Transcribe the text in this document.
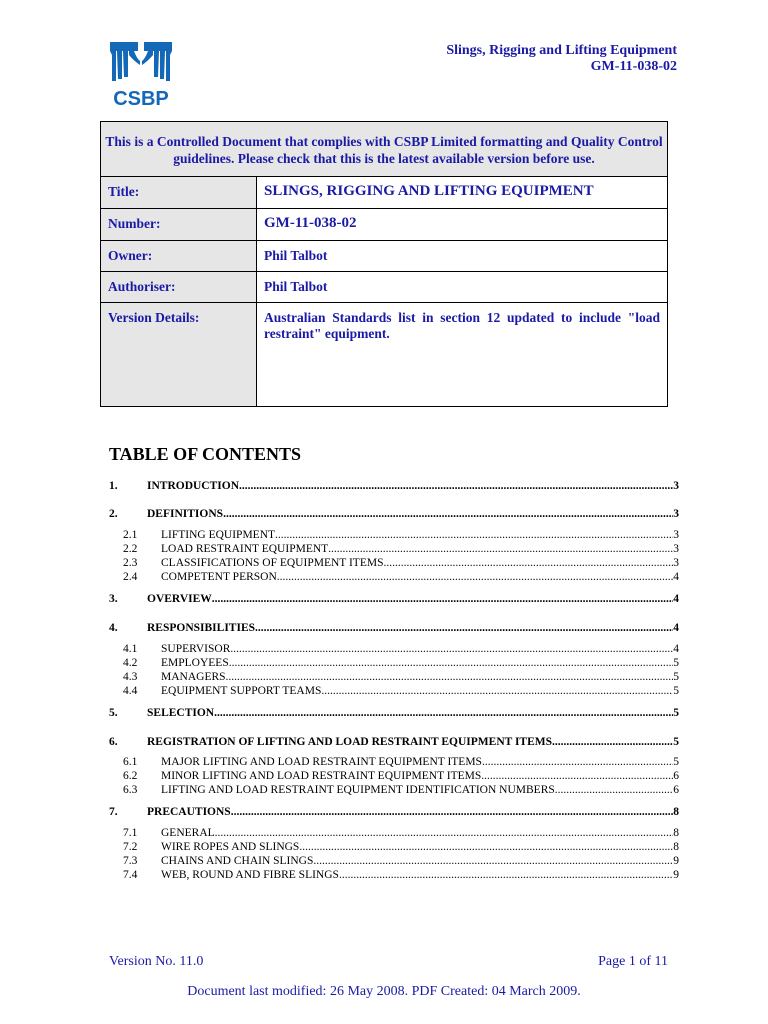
CSBP
Slings, Rigging and Lifting Equipment
GM-11-038-02
This is a Controlled Document that complies with CSBP Limited formatting and Quality Control guidelines. Please check that this is the latest available version before use.
Title:	SLINGS, RIGGING AND LIFTING EQUIPMENT
Number:	GM-11-038-02
Owner:	Phil Talbot
Authoriser:	Phil Talbot
Version Details:	Australian Standards list in section 12 updated to include "load restraint" equipment.
TABLE OF CONTENTS
1.	INTRODUCTION .....	3
2.	DEFINITIONS .....	3
2.1	LIFTING EQUIPMENT .....	3
2.2	LOAD RESTRAINT EQUIPMENT .....	3
2.3	CLASSIFICATIONS OF EQUIPMENT ITEMS .....	3
2.4	COMPETENT PERSON .....	4
3.	OVERVIEW .....	4
4.	RESPONSIBILITIES .....	4
4.1	SUPERVISOR .....	4
4.2	EMPLOYEES .....	5
4.3	MANAGERS .....	5
4.4	EQUIPMENT SUPPORT TEAMS .....	5
5.	SELECTION .....	5
6.	REGISTRATION OF LIFTING AND LOAD RESTRAINT EQUIPMENT ITEMS .....	5
6.1	MAJOR LIFTING AND LOAD RESTRAINT EQUIPMENT ITEMS .....	5
6.2	MINOR LIFTING AND LOAD RESTRAINT EQUIPMENT ITEMS .....	6
6.3	LIFTING AND LOAD RESTRAINT EQUIPMENT IDENTIFICATION NUMBERS .....	6
7.	PRECAUTIONS .....	8
7.1	GENERAL .....	8
7.2	WIRE ROPES AND SLINGS .....	8
7.3	CHAINS AND CHAIN SLINGS .....	9
7.4	WEB, ROUND AND FIBRE SLINGS .....	9
Version No. 11.0	Page 1 of 11
Document last modified: 26 May 2008. PDF Created: 04 March 2009.
